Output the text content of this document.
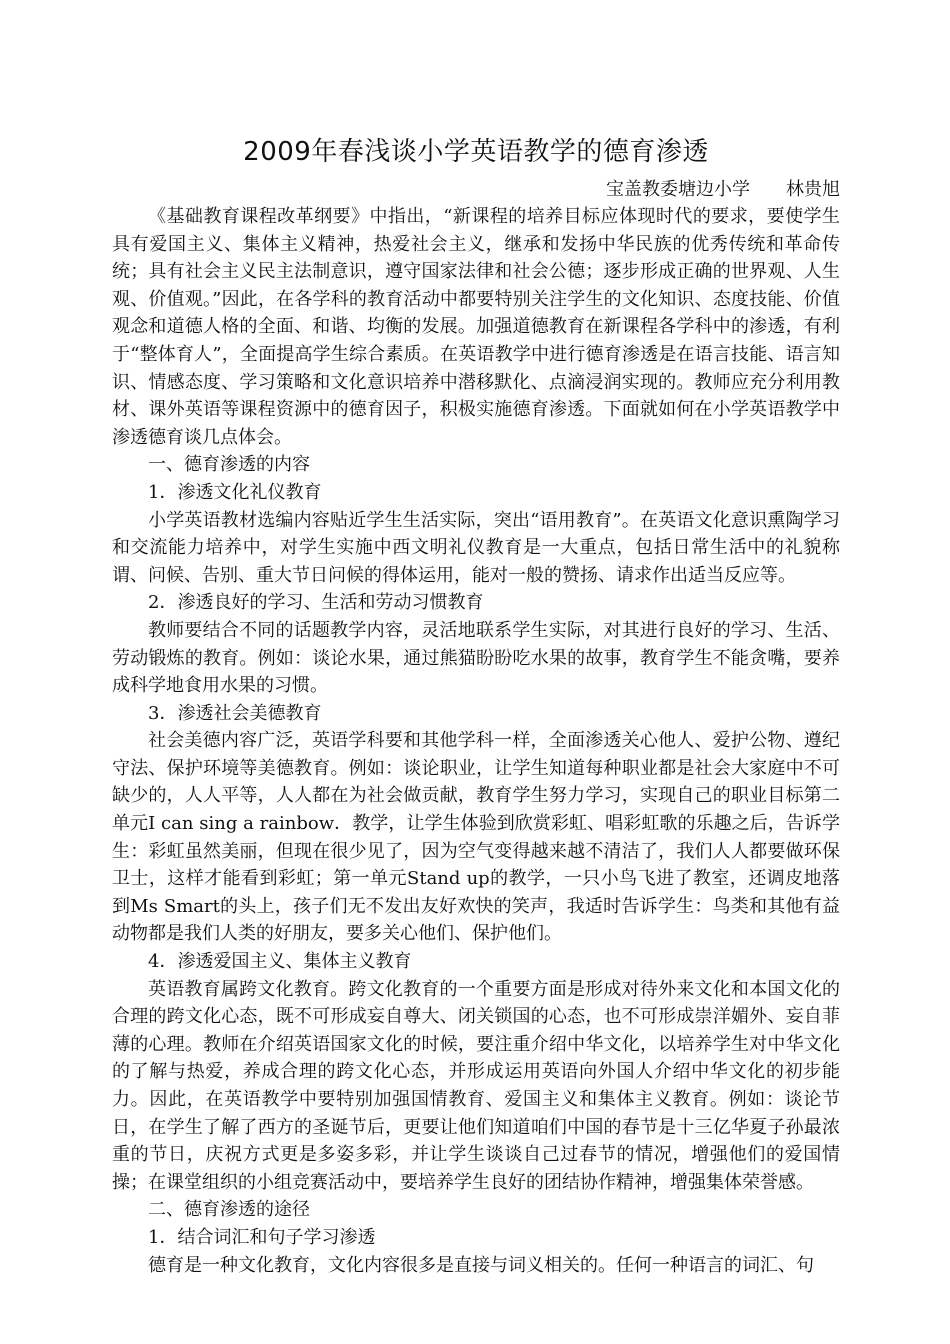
2009年春浅谈小学英语教学的德育渗透

宝盖教委塘边小学　　林贵旭

《基础教育课程改革纲要》中指出，“新课程的培养目标应体现时代的要求，要使学生具有爱国主义、集体主义精神，热爱社会主义，继承和发扬中华民族的优秀传统和革命传统；具有社会主义民主法制意识，遵守国家法律和社会公德；逐步形成正确的世界观、人生观、价值观。”因此，在各学科的教育活动中都要特别关注学生的文化知识、态度技能、价值观念和道德人格的全面、和谐、均衡的发展。加强道德教育在新课程各学科中的渗透，有利于“整体育人”，全面提高学生综合素质。在英语教学中进行德育渗透是在语言技能、语言知识、情感态度、学习策略和文化意识培养中潜移默化、点滴浸润实现的。教师应充分利用教材、课外英语等课程资源中的德育因子，积极实施德育渗透。下面就如何在小学英语教学中渗透德育谈几点体会。

一、德育渗透的内容

1．渗透文化礼仪教育

小学英语教材选编内容贴近学生生活实际，突出“语用教育”。在英语文化意识熏陶学习和交流能力培养中，对学生实施中西文明礼仪教育是一大重点，包括日常生活中的礼貌称谓、问候、告别、重大节日问候的得体运用，能对一般的赞扬、请求作出适当反应等。

2．渗透良好的学习、生活和劳动习惯教育

教师要结合不同的话题教学内容，灵活地联系学生实际，对其进行良好的学习、生活、劳动锻炼的教育。例如：谈论水果，通过熊猫盼盼吃水果的故事，教育学生不能贪嘴，要养成科学地食用水果的习惯。

3．渗透社会美德教育

社会美德内容广泛，英语学科要和其他学科一样，全面渗透关心他人、爱护公物、遵纪守法、保护环境等美德教育。例如：谈论职业，让学生知道每种职业都是社会大家庭中不可缺少的，人人平等，人人都在为社会做贡献，教育学生努力学习，实现自己的职业目标第二单元I can sing a rainbow．教学，让学生体验到欣赏彩虹、唱彩虹歌的乐趣之后，告诉学生：彩虹虽然美丽，但现在很少见了，因为空气变得越来越不清洁了，我们人人都要做环保卫士，这样才能看到彩虹；第一单元Stand up的教学，一只小鸟飞进了教室，还调皮地落到Ms Smart的头上，孩子们无不发出友好欢快的笑声，我适时告诉学生：鸟类和其他有益动物都是我们人类的好朋友，要多关心他们、保护他们。

4．渗透爱国主义、集体主义教育

英语教育属跨文化教育。跨文化教育的一个重要方面是形成对待外来文化和本国文化的合理的跨文化心态，既不可形成妄自尊大、闭关锁国的心态，也不可形成崇洋媚外、妄自菲薄的心理。教师在介绍英语国家文化的时候，要注重介绍中华文化，以培养学生对中华文化的了解与热爱，养成合理的跨文化心态，并形成运用英语向外国人介绍中华文化的初步能力。因此，在英语教学中要特别加强国情教育、爱国主义和集体主义教育。例如：谈论节日，在学生了解了西方的圣诞节后，更要让他们知道咱们中国的春节是十三亿华夏子孙最浓重的节日，庆祝方式更是多姿多彩，并让学生谈谈自己过春节的情况，增强他们的爱国情操；在课堂组织的小组竞赛活动中，要培养学生良好的团结协作精神，增强集体荣誉感。

二、德育渗透的途径

1．结合词汇和句子学习渗透

德育是一种文化教育，文化内容很多是直接与词义相关的。任何一种语言的词汇、句
